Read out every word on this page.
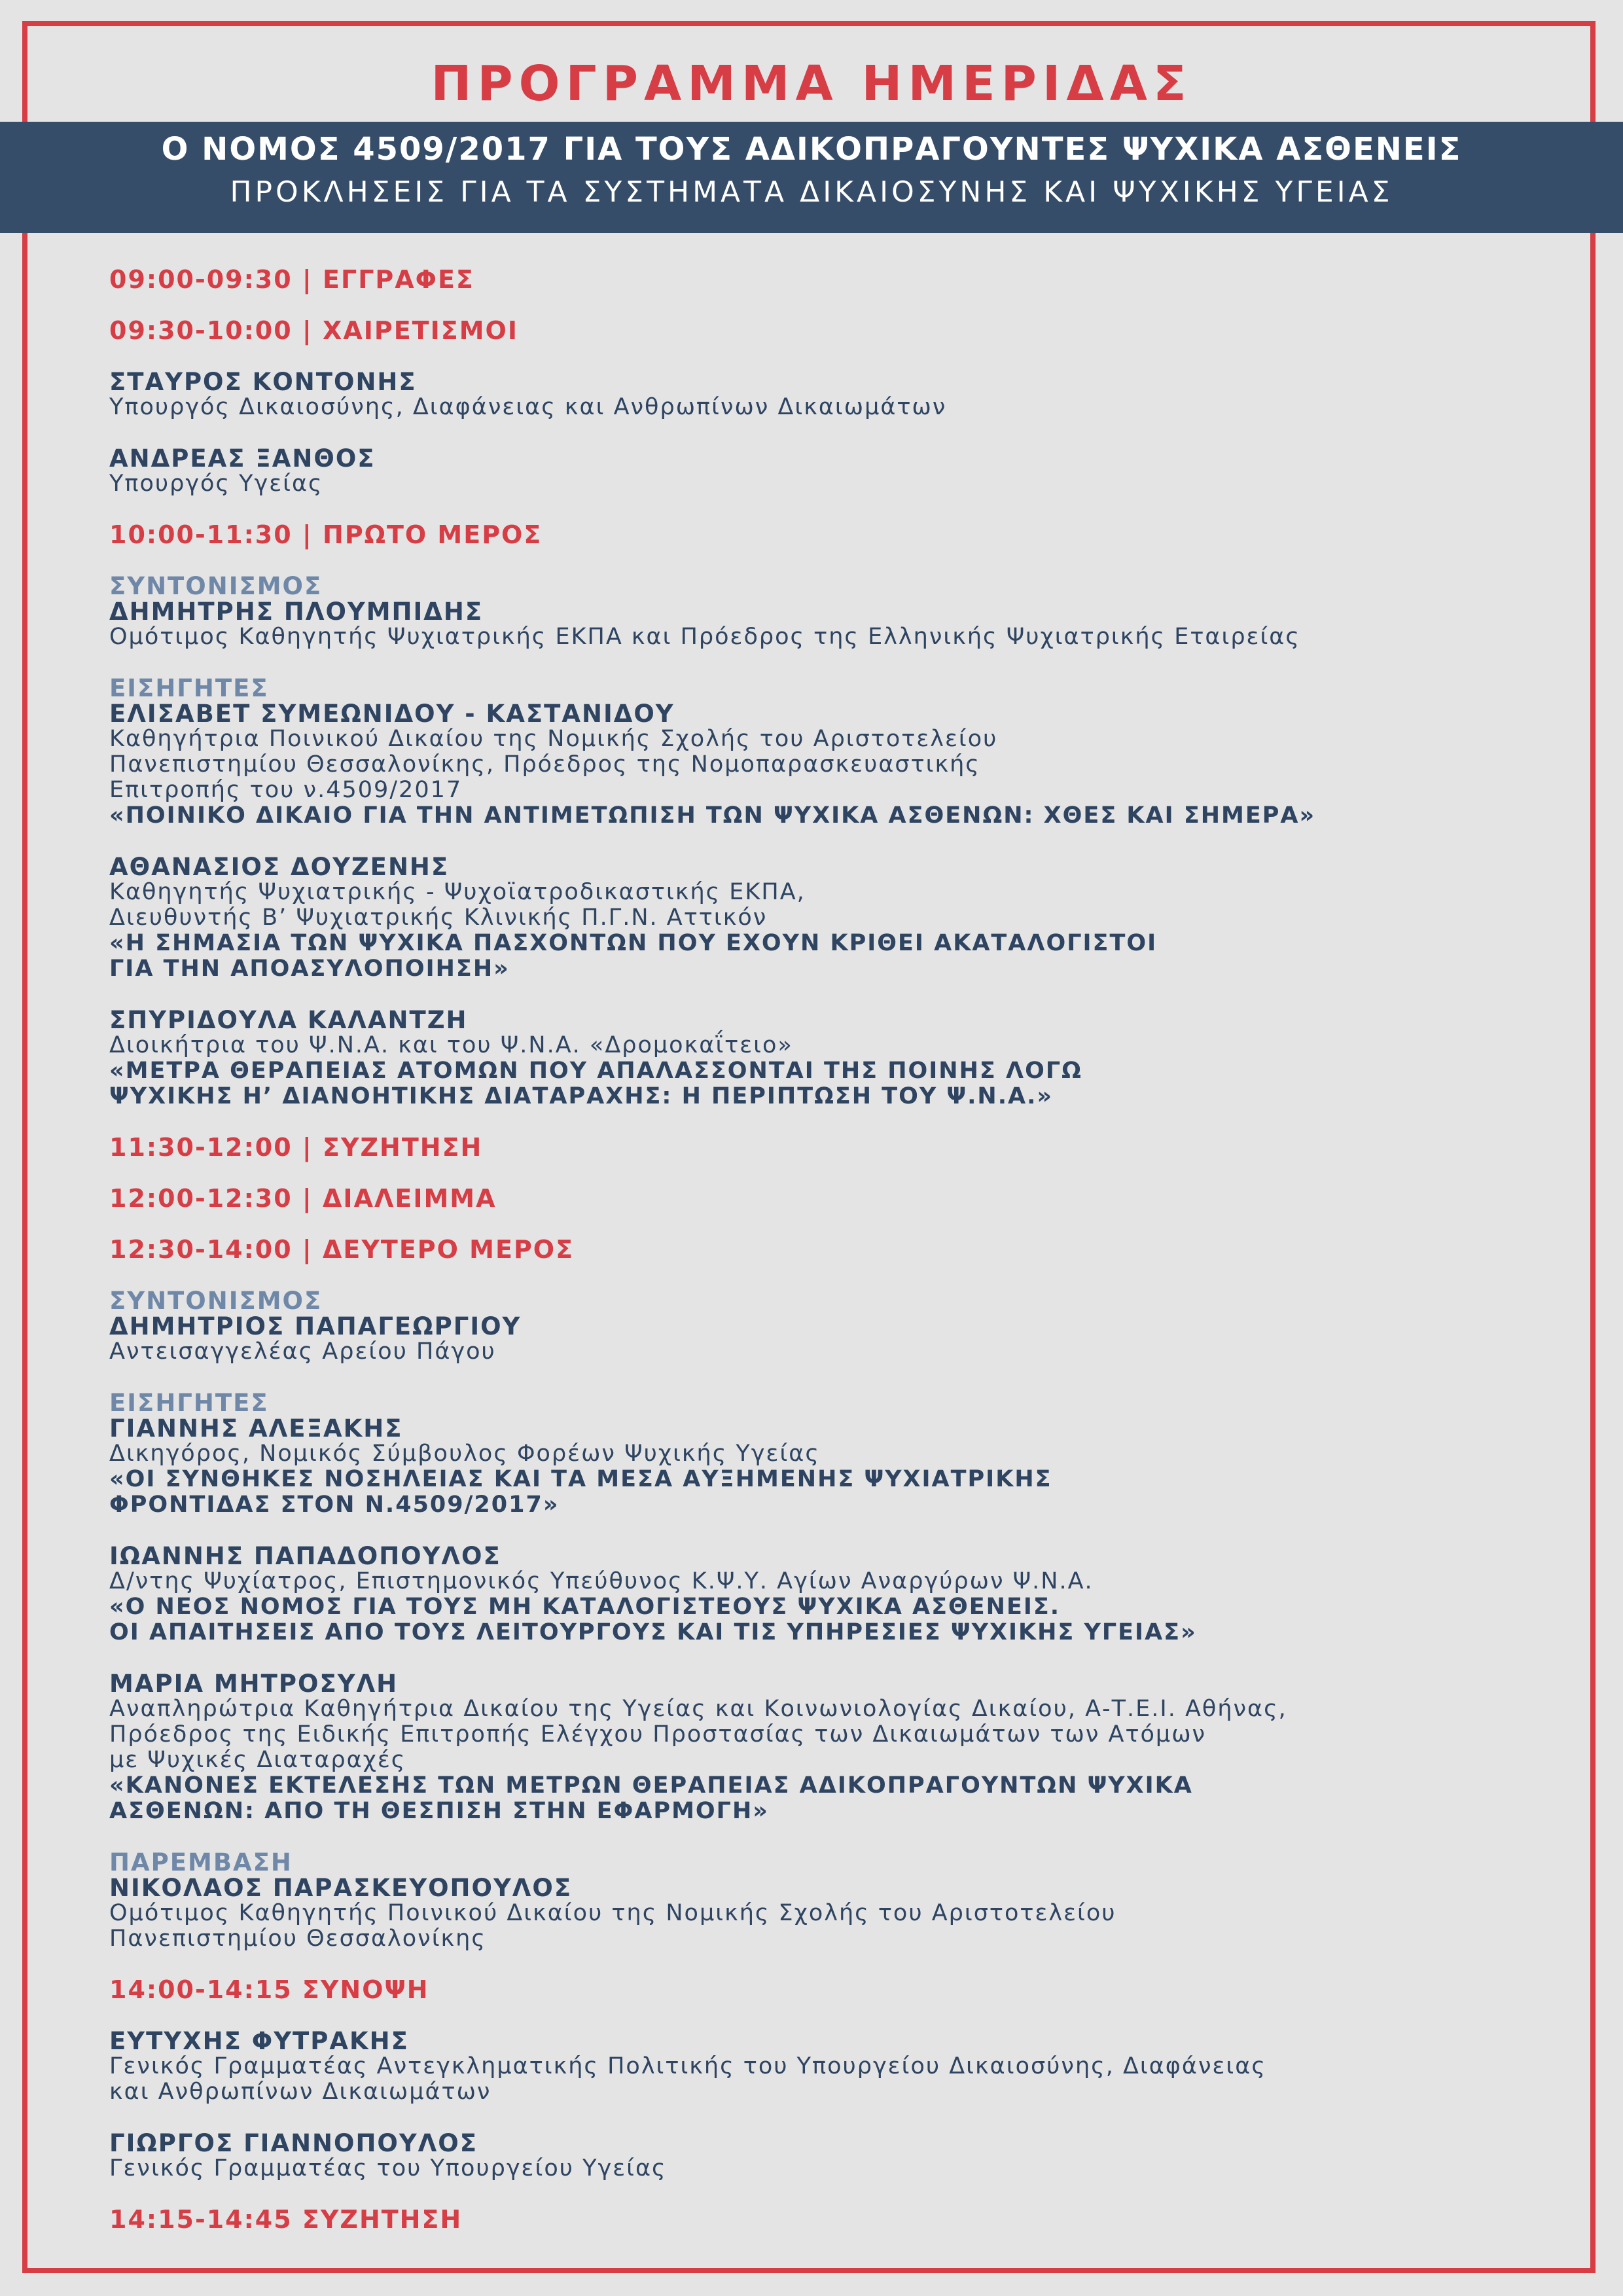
ΠΡΟΓΡΑΜΜΑ ΗΜΕΡΙΔΑΣ
Ο ΝΟΜΟΣ 4509/2017 ΓΙΑ ΤΟΥΣ ΑΔΙΚΟΠΡΑΓΟΥΝΤΕΣ ΨΥΧΙΚΑ ΑΣΘΕΝΕΙΣ
ΠΡΟΚΛΗΣΕΙΣ ΓΙΑ ΤΑ ΣΥΣΤΗΜΑΤΑ ΔΙΚΑΙΟΣΥΝΗΣ ΚΑΙ ΨΥΧΙΚΗΣ ΥΓΕΙΑΣ
09:00-09:30 | ΕΓΓΡΑΦΕΣ
09:30-10:00 | ΧΑΙΡΕΤΙΣΜΟΙ
ΣΤΑΥΡΟΣ ΚΟΝΤΟΝΗΣ
Υπουργός Δικαιοσύνης, Διαφάνειας και Ανθρωπίνων Δικαιωμάτων
ΑΝΔΡΕΑΣ ΞΑΝΘΟΣ
Υπουργός Υγείας
10:00-11:30 | ΠΡΩΤΟ ΜΕΡΟΣ
ΣΥΝΤΟΝΙΣΜΟΣ
ΔΗΜΗΤΡΗΣ ΠΛΟΥΜΠΙΔΗΣ
Ομότιμος Καθηγητής Ψυχιατρικής ΕΚΠΑ και Πρόεδρος της Ελληνικής Ψυχιατρικής Εταιρείας
ΕΙΣΗΓΗΤΕΣ
ΕΛΙΣΑΒΕΤ ΣΥΜΕΩΝΙΔΟΥ - ΚΑΣΤΑΝΙΔΟΥ
Καθηγήτρια Ποινικού Δικαίου της Νομικής Σχολής του Αριστοτελείου
Πανεπιστημίου Θεσσαλονίκης, Πρόεδρος της Νομοπαρασκευαστικής
Επιτροπής του ν.4509/2017
«ΠΟΙΝΙΚΟ ΔΙΚΑΙΟ ΓΙΑ ΤΗΝ ΑΝΤΙΜΕΤΩΠΙΣΗ ΤΩΝ ΨΥΧΙΚΑ ΑΣΘΕΝΩΝ: ΧΘΕΣ ΚΑΙ ΣΗΜΕΡΑ»
ΑΘΑΝΑΣΙΟΣ ΔΟΥΖΕΝΗΣ
Καθηγητής Ψυχιατρικής - Ψυχοϊατροδικαστικής ΕΚΠΑ,
Διευθυντής Β’ Ψυχιατρικής Κλινικής Π.Γ.Ν. Αττικόν
«Η ΣΗΜΑΣΙΑ ΤΩΝ ΨΥΧΙΚΑ ΠΑΣΧΟΝΤΩΝ ΠΟΥ ΕΧΟΥΝ ΚΡΙΘΕΙ ΑΚΑΤΑΛΟΓΙΣΤΟΙ
ΓΙΑ ΤΗΝ ΑΠΟΑΣΥΛΟΠΟΙΗΣΗ»
ΣΠΥΡΙΔΟΥΛΑ ΚΑΛΑΝΤΖΗ
Διοικήτρια του Ψ.Ν.Α. και του Ψ.Ν.Α. «Δρομοκαΐτειο»
«ΜΕΤΡΑ ΘΕΡΑΠΕΙΑΣ ΑΤΟΜΩΝ ΠΟΥ ΑΠΑΛΑΣΣΟΝΤΑΙ ΤΗΣ ΠΟΙΝΗΣ ΛΟΓΩ
ΨΥΧΙΚΗΣ Η’ ΔΙΑΝΟΗΤΙΚΗΣ ΔΙΑΤΑΡΑΧΗΣ: Η ΠΕΡΙΠΤΩΣΗ ΤΟΥ Ψ.Ν.Α.»
11:30-12:00 | ΣΥΖΗΤΗΣΗ
12:00-12:30 | ΔΙΑΛΕΙΜΜΑ
12:30-14:00 | ΔΕΥΤΕΡΟ ΜΕΡΟΣ
ΣΥΝΤΟΝΙΣΜΟΣ
ΔΗΜΗΤΡΙΟΣ ΠΑΠΑΓΕΩΡΓΙΟΥ
Αντεισαγγελέας Αρείου Πάγου
ΕΙΣΗΓΗΤΕΣ
ΓΙΑΝΝΗΣ ΑΛΕΞΑΚΗΣ
Δικηγόρος, Νομικός Σύμβουλος Φορέων Ψυχικής Υγείας
«ΟΙ ΣΥΝΘΗΚΕΣ ΝΟΣΗΛΕΙΑΣ ΚΑΙ ΤΑ ΜΕΣΑ ΑΥΞΗΜΕΝΗΣ ΨΥΧΙΑΤΡΙΚΗΣ
ΦΡΟΝΤΙΔΑΣ ΣΤΟΝ Ν.4509/2017»
ΙΩΑΝΝΗΣ ΠΑΠΑΔΟΠΟΥΛΟΣ
Δ/ντης Ψυχίατρος, Επιστημονικός Υπεύθυνος Κ.Ψ.Υ. Αγίων Αναργύρων Ψ.Ν.Α.
«Ο ΝΕΟΣ ΝΟΜΟΣ ΓΙΑ ΤΟΥΣ ΜΗ ΚΑΤΑΛΟΓΙΣΤΕΟΥΣ ΨΥΧΙΚΑ ΑΣΘΕΝΕΙΣ.
ΟΙ ΑΠΑΙΤΗΣΕΙΣ ΑΠΟ ΤΟΥΣ ΛΕΙΤΟΥΡΓΟΥΣ ΚΑΙ ΤΙΣ ΥΠΗΡΕΣΙΕΣ ΨΥΧΙΚΗΣ ΥΓΕΙΑΣ»
ΜΑΡΙΑ ΜΗΤΡΟΣΥΛΗ
Αναπληρώτρια Καθηγήτρια Δικαίου της Υγείας και Κοινωνιολογίας Δικαίου, Α-Τ.Ε.Ι. Αθήνας,
Πρόεδρος της Ειδικής Επιτροπής Ελέγχου Προστασίας των Δικαιωμάτων των Ατόμων
με Ψυχικές Διαταραχές
«ΚΑΝΟΝΕΣ ΕΚΤΕΛΕΣΗΣ ΤΩΝ ΜΕΤΡΩΝ ΘΕΡΑΠΕΙΑΣ ΑΔΙΚΟΠΡΑΓΟΥΝΤΩΝ ΨΥΧΙΚΑ
ΑΣΘΕΝΩΝ: ΑΠΟ ΤΗ ΘΕΣΠΙΣΗ ΣΤΗΝ ΕΦΑΡΜΟΓΗ»
ΠΑΡΕΜΒΑΣΗ
ΝΙΚΟΛΑΟΣ ΠΑΡΑΣΚΕΥΟΠΟΥΛΟΣ
Ομότιμος Καθηγητής Ποινικού Δικαίου της Νομικής Σχολής του Αριστοτελείου
Πανεπιστημίου Θεσσαλονίκης
14:00-14:15 ΣΥΝΟΨΗ
ΕΥΤΥΧΗΣ ΦΥΤΡΑΚΗΣ
Γενικός Γραμματέας Αντεγκληματικής Πολιτικής του Υπουργείου Δικαιοσύνης, Διαφάνειας
και Ανθρωπίνων Δικαιωμάτων
ΓΙΩΡΓΟΣ ΓΙΑΝΝΟΠΟΥΛΟΣ
Γενικός Γραμματέας του Υπουργείου Υγείας
14:15-14:45 ΣΥΖΗΤΗΣΗ
